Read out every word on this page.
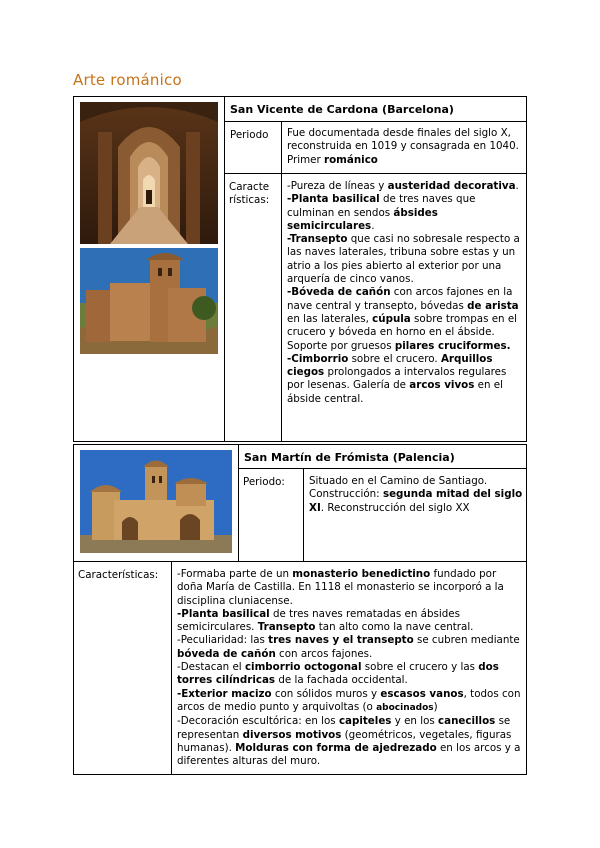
Arte románico
San Vicente de Cardona (Barcelona)
Periodo Fue documentada desde finales del siglo X, reconstruida en 1019 y consagrada en 1040. Primer románico
Caracte
rísticas:
-Pureza de líneas y austeridad decorativa.
-Planta basilical de tres naves que culminan en sendos ábsides semicirculares.
-Transepto que casi no sobresale respecto a las naves laterales, tribuna sobre estas y un atrio a los pies abierto al exterior por una arquería de cinco vanos.
-Bóveda de cañón con arcos fajones en la nave central y transepto, bóvedas de arista en las laterales, cúpula sobre trompas en el crucero y bóveda en horno en el ábside. Soporte por gruesos pilares cruciformes.
-Cimborrio sobre el crucero. Arquillos ciegos prolongados a intervalos regulares por lesenas. Galería de arcos vivos en el ábside central.
San Martín de Frómista (Palencia)
Periodo: Situado en el Camino de Santiago. Construcción: segunda mitad del siglo XI. Reconstrucción del siglo XX
Características: -Formaba parte de un monasterio benedictino fundado por doña María de Castilla. En 1118 el monasterio se incorporó a la disciplina cluniacense.
-Planta basilical de tres naves rematadas en ábsides semicirculares. Transepto tan alto como la nave central.
-Peculiaridad: las tres naves y el transepto se cubren mediante bóveda de cañón con arcos fajones.
-Destacan el cimborrio octogonal sobre el crucero y las dos torres cilíndricas de la fachada occidental.
-Exterior macizo con sólidos muros y escasos vanos, todos con arcos de medio punto y arquivoltas (o abocinados)
-Decoración escultórica: en los capiteles y en los canecillos se representan diversos motivos (geométricos, vegetales, figuras humanas). Molduras con forma de ajedrezado en los arcos y a diferentes alturas del muro.
